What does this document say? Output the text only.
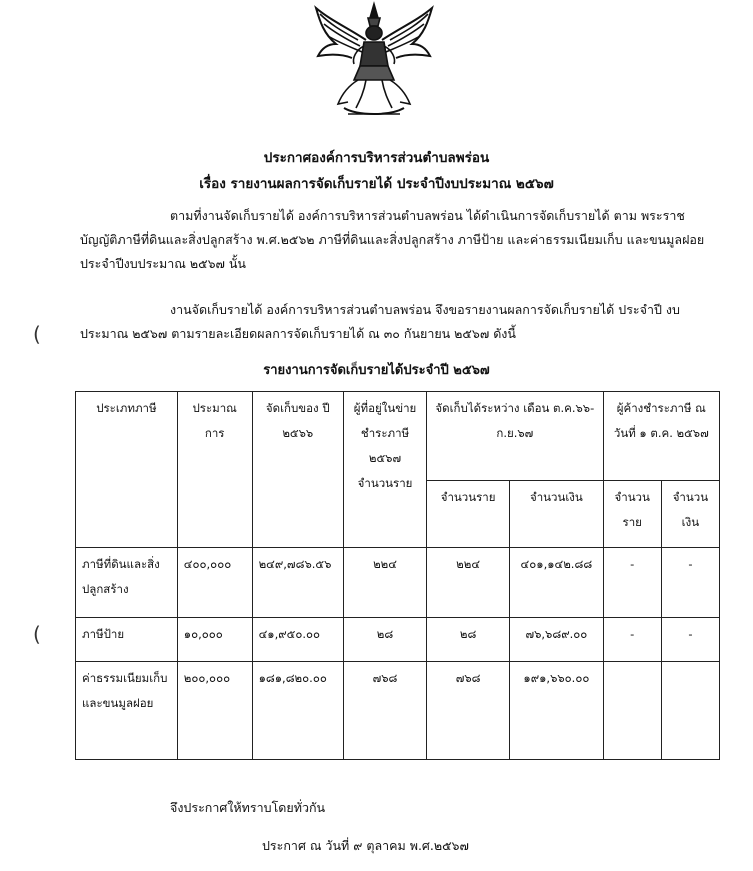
(
(
ประกาศองค์การบริหารส่วนตำบลพร่อน
เรื่อง รายงานผลการจัดเก็บรายได้ ประจำปีงบประมาณ ๒๕๖๗
ตามที่งานจัดเก็บรายได้ องค์การบริหารส่วนตำบลพร่อน ได้ดำเนินการจัดเก็บรายได้ ตาม พระราชบัญญัติภาษีที่ดินและสิ่งปลูกสร้าง พ.ศ.๒๕๖๒ ภาษีที่ดินและสิ่งปลูกสร้าง ภาษีป้าย และค่าธรรมเนียมเก็บ และขนมูลฝอย ประจำปีงบประมาณ ๒๕๖๗ นั้น
งานจัดเก็บรายได้ องค์การบริหารส่วนตำบลพร่อน จึงขอรายงานผลการจัดเก็บรายได้ ประจำปี งบประมาณ ๒๕๖๗ ตามรายละเอียดผลการจัดเก็บรายได้ ณ ๓๐ กันยายน ๒๕๖๗ ดังนี้
รายงานการจัดเก็บรายได้ประจำปี ๒๕๖๗
ประเภทภาษี	ประมาณการ	จัดเก็บของ ปี ๒๕๖๖	ผู้ที่อยู่ในข่าย ชำระภาษี ๒๕๖๗ จำนวนราย	จัดเก็บได้ระหว่าง เดือน ต.ค.๖๖-ก.ย.๖๗		ผู้ค้างชำระภาษี ณ วันที่ ๑ ต.ค. ๒๕๖๗	
				จำนวนราย	จำนวนเงิน	จำนวน ราย	จำนวน เงิน
ภาษีที่ดินและสิ่งปลูกสร้าง	๔๐๐,๐๐๐	๒๔๙,๗๘๖.๕๖	๒๒๔	๒๒๔	๔๐๑,๑๔๒.๘๘	-	-
ภาษีป้าย	๑๐,๐๐๐	๔๑,๙๕๐.๐๐	๒๘	๒๘	๗๖,๖๘๙.๐๐	-	-
ค่าธรรมเนียมเก็บและขนมูลฝอย	๒๐๐,๐๐๐	๑๘๑,๘๒๐.๐๐	๗๖๘	๗๖๘	๑๙๑,๖๖๐.๐๐		
จึงประกาศให้ทราบโดยทั่วกัน
ประกาศ ณ วันที่ ๙ ตุลาคม พ.ศ.๒๕๖๗
